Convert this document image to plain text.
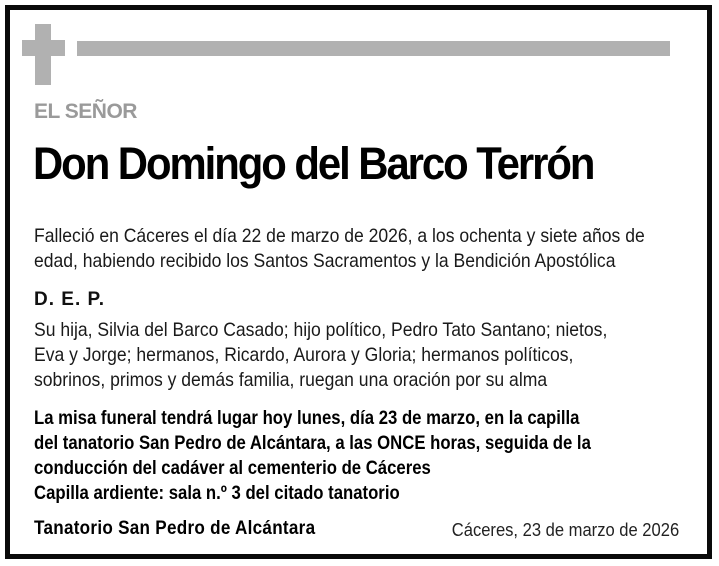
EL SEÑOR
Don Domingo del Barco Terrón
Falleció en Cáceres el día 22 de marzo de 2026, a los ochenta y siete años de
edad, habiendo recibido los Santos Sacramentos y la Bendición Apostólica
D. E. P.
Su hija, Silvia del Barco Casado; hijo político, Pedro Tato Santano; nietos,
Eva y Jorge; hermanos, Ricardo, Aurora y Gloria; hermanos políticos,
sobrinos, primos y demás familia, ruegan una oración por su alma
La misa funeral tendrá lugar hoy lunes, día 23 de marzo, en la capilla
del tanatorio San Pedro de Alcántara, a las ONCE horas, seguida de la
conducción del cadáver al cementerio de Cáceres
Capilla ardiente: sala n.º 3 del citado tanatorio
Tanatorio San Pedro de Alcántara	Cáceres, 23 de marzo de 2026
